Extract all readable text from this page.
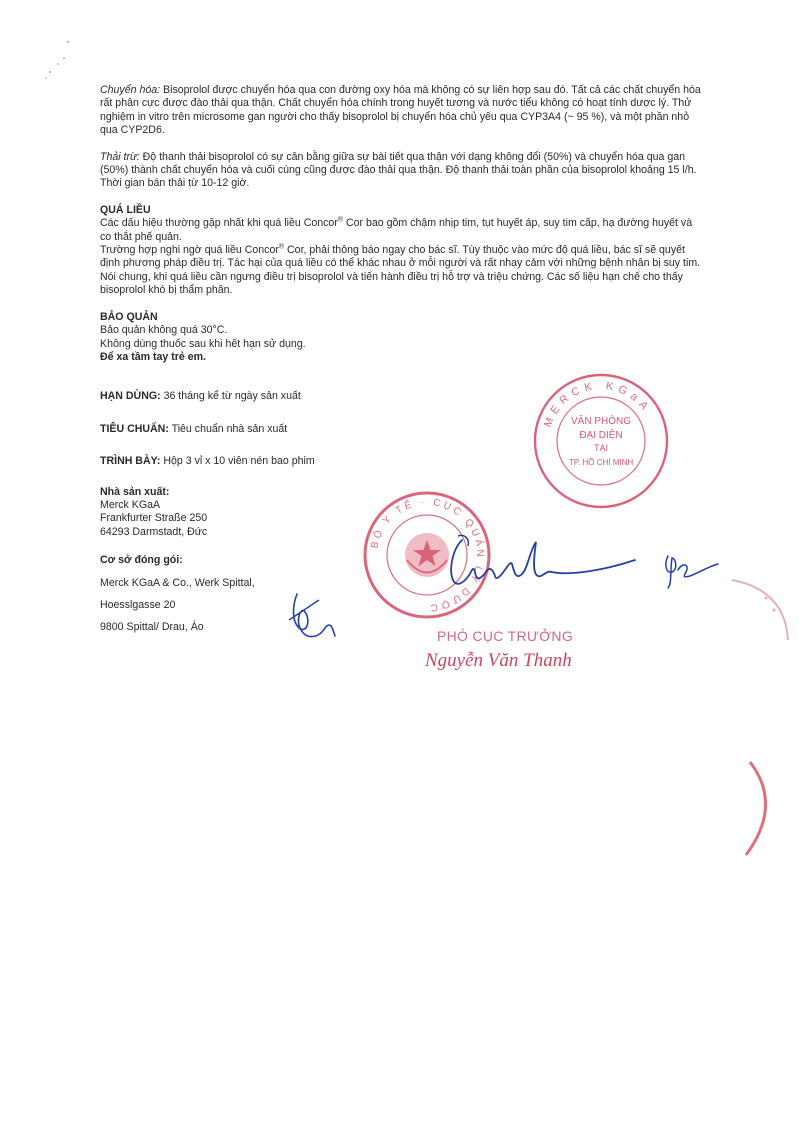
Chuyển hóa: Bisoprolol được chuyển hóa qua con đường oxy hóa mà không có sự liên hợp sau đó. Tất cả các chất chuyển hóa rất phân cực được đào thải qua thận. Chất chuyển hóa chính trong huyết tương và nước tiểu không có hoạt tính dược lý. Thử nghiệm in vitro trên microsome gan người cho thấy bisoprolol bị chuyển hóa chủ yếu qua CYP3A4 (~ 95 %), và một phần nhỏ qua CYP2D6.

Thải trừ: Độ thanh thải bisoprolol có sự cân bằng giữa sự bài tiết qua thận với dạng không đổi (50%) và chuyển hóa qua gan (50%) thành chất chuyển hóa và cuối cùng cũng được đào thải qua thận. Độ thanh thải toàn phần của bisoprolol khoảng 15 l/h. Thời gian bán thải từ 10-12 giờ.

QUÁ LIỀU

Các dấu hiệu thường gặp nhất khi quá liều Concor® Cor bao gồm chậm nhịp tim, tụt huyết áp, suy tim cấp, hạ đường huyết và co thắt phế quản.

Trường hợp nghi ngờ quá liều Concor® Cor, phải thông báo ngay cho bác sĩ. Tùy thuộc vào mức độ quá liều, bác sĩ sẽ quyết định phương pháp điều trị. Tác hại của quá liều có thể khác nhau ở mỗi người và rất nhạy cảm với những bệnh nhân bị suy tim.

Nói chung, khi quá liều cần ngưng điều trị bisoprolol và tiến hành điều trị hỗ trợ và triệu chứng. Các số liệu hạn chế cho thấy bisoprolol khó bị thẩm phân.

BẢO QUẢN

Bảo quản không quá 30°C.

Không dùng thuốc sau khi hết hạn sử dụng.

Để xa tầm tay trẻ em.

HẠN DÙNG: 36 tháng kể từ ngày sản xuất

TIÊU CHUẨN: Tiêu chuẩn nhà sản xuất

TRÌNH BÀY: Hộp 3 vỉ x 10 viên nén bao phim

Nhà sản xuất:

Merck KGaA

Frankfurter Straße 250

64293 Darmstadt, Đức

Cơ sở đóng gói:

Merck KGaA & Co., Werk Spittal,

Hoesslgasse 20

9800 Spittal/ Drau, Áo

MERCK KGaA
VĂN PHÒNG
ĐẠI DIỆN
TẠI
TP. HỒ CHÍ MINH
BỘ Y TẾ · CỤC QUẢN LÝ DƯỢC
PHÓ CỤC TRƯỞNG
Nguyễn Văn Thanh
